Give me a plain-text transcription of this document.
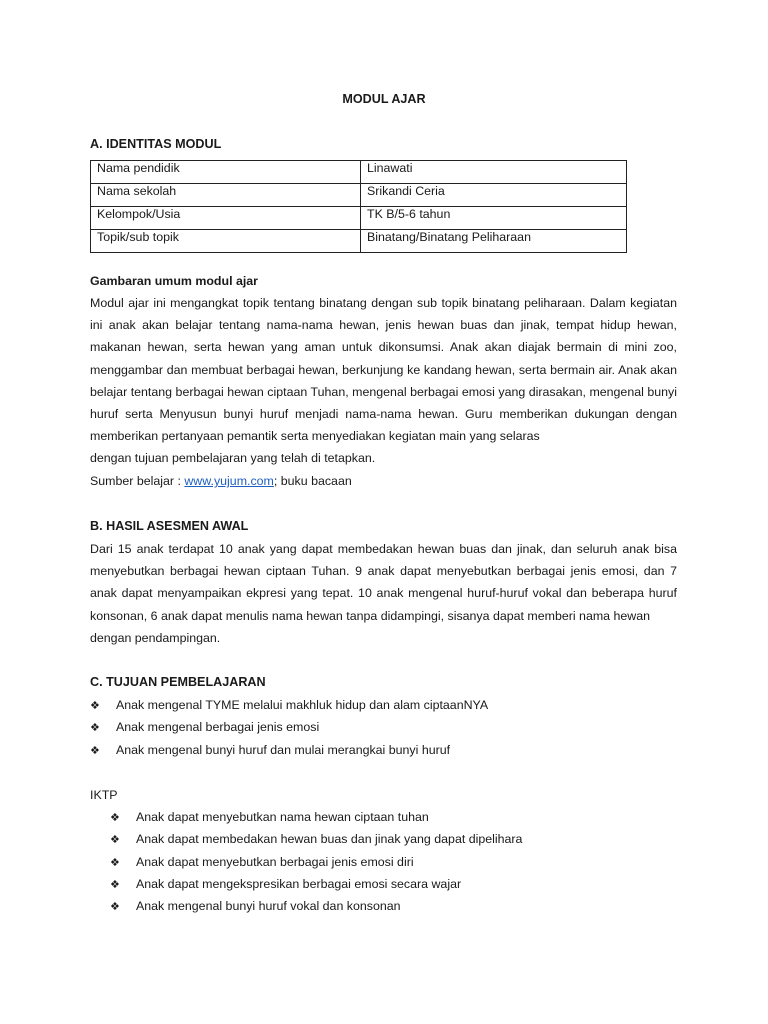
MODUL AJAR
A. IDENTITAS MODUL
Nama pendidik	Linawati
Nama sekolah	Srikandi Ceria
Kelompok/Usia	TK B/5-6 tahun
Topik/sub topik	Binatang/Binatang Peliharaan
Gambaran umum modul ajar
Modul ajar ini mengangkat topik tentang binatang dengan sub topik binatang peliharaan. Dalam kegiatan ini anak akan belajar tentang nama-nama hewan, jenis hewan buas dan jinak, tempat hidup hewan, makanan hewan, serta hewan yang aman untuk dikonsumsi. Anak akan diajak bermain di mini zoo, menggambar dan membuat berbagai hewan, berkunjung ke kandang hewan, serta bermain air. Anak akan belajar tentang berbagai hewan ciptaan Tuhan, mengenal berbagai emosi yang dirasakan, mengenal bunyi huruf serta Menyusun bunyi huruf menjadi nama-nama hewan. Guru memberikan dukungan dengan memberikan pertanyaan pemantik serta menyediakan kegiatan main yang selaras
dengan tujuan pembelajaran yang telah di tetapkan.
Sumber belajar : www.yujum.com; buku bacaan
B. HASIL ASESMEN AWAL
Dari 15 anak terdapat 10 anak yang dapat membedakan hewan buas dan jinak, dan seluruh anak bisa menyebutkan berbagai hewan ciptaan Tuhan. 9 anak dapat menyebutkan berbagai jenis emosi, dan 7 anak dapat menyampaikan ekpresi yang tepat. 10 anak mengenal huruf-huruf vokal dan beberapa huruf konsonan, 6 anak dapat menulis nama hewan tanpa didampingi, sisanya dapat memberi nama hewan
dengan pendampingan.
C. TUJUAN PEMBELAJARAN
❖ Anak mengenal TYME melalui makhluk hidup dan alam ciptaanNYA
❖ Anak mengenal berbagai jenis emosi
❖ Anak mengenal bunyi huruf dan mulai merangkai bunyi huruf
IKTP
❖ Anak dapat menyebutkan nama hewan ciptaan tuhan
❖ Anak dapat membedakan hewan buas dan jinak yang dapat dipelihara
❖ Anak dapat menyebutkan berbagai jenis emosi diri
❖ Anak dapat mengekspresikan berbagai emosi secara wajar
❖ Anak mengenal bunyi huruf vokal dan konsonan
